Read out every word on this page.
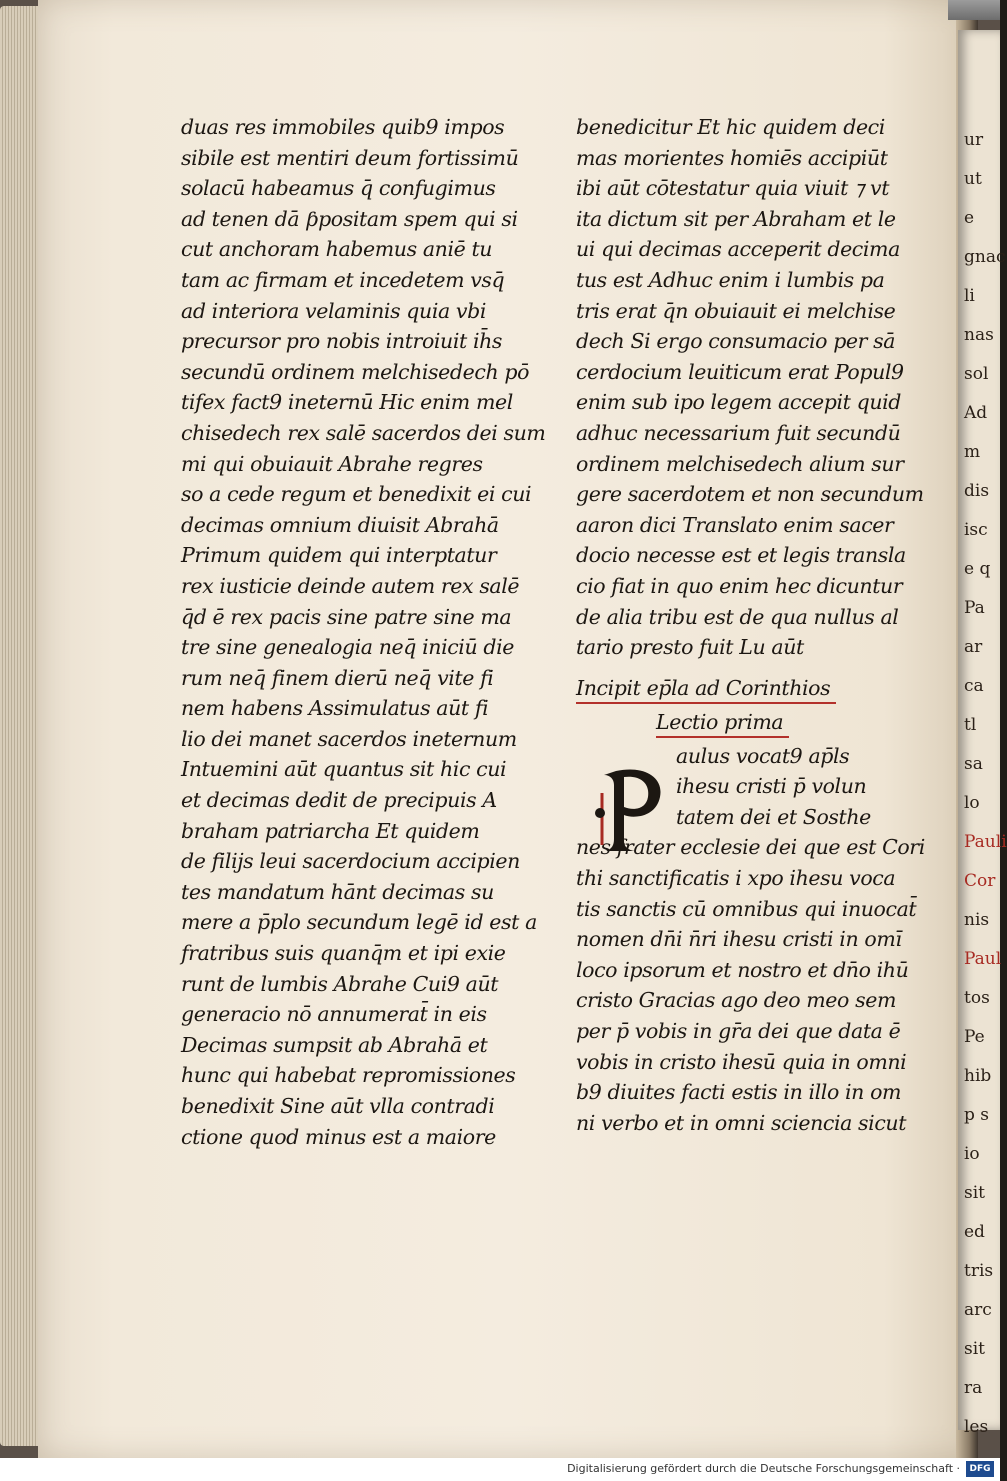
ur
ut
e
gnac
li
nas
sol
Ad
m
dis
isc
e q
Pa
ar
ca
tl
sa
lo
Pauli
Cor
nis
Paul
tos
Pe
hib
p s
io
sit
ed
tris
arc
sit
ra
les
duas res immobiles quib9 impos
sibile est mentiri deum fortissimū
solacū habeamus q̄ confugimus
ad tenen dā ƥpositam spem qui si
cut anchoram habemus aniē tu
tam ac firmam et incedetem vsq̄
ad interiora velaminis quia vbi
precursor pro nobis introiuit ih̄s
secundū ordinem melchisedech pō
tifex fact9 ineternū Hic enim mel
chisedech rex salē sacerdos dei sum
mi qui obuiauit Abrahe regres
so a cede regum et benedixit ei cui
decimas omnium diuisit Abrahā
Primum quidem qui interptatur
rex iusticie deinde autem rex salē
q̄d ē rex pacis sine patre sine ma
tre sine genealogia neq̄ iniciū die
rum neq̄ finem dierū neq̄ vite fi
nem habens Assimulatus aūt fi
lio dei manet sacerdos ineternum
Intuemini aūt quantus sit hic cui
et decimas dedit de precipuis A
braham patriarcha Et quidem
de filijs leui sacerdocium accipien
tes mandatum hānt decimas su
mere a p̄plo secundum legē id est a
fratribus suis quanq̄m et ipi exie
runt de lumbis Abrahe Cui9 aūt
generacio nō annumerat̄ in eis
Decimas sumpsit ab Abrahā et
hunc qui habebat repromissiones
benedixit Sine aūt vlla contradi
ctione quod minus est a maiore
benedicitur Et hic quidem deci
mas morientes homiēs accipiūt
ibi aūt cōtestatur quia viuit ⁊ vt
ita dictum sit per Abraham et le
ui qui decimas acceperit decima
tus est Adhuc enim i lumbis pa
tris erat q̄n obuiauit ei melchise
dech Si ergo consumacio per sā
cerdocium leuiticum erat Popul9
enim sub ipo legem accepit quid
adhuc necessarium fuit secundū
ordinem melchisedech alium sur
gere sacerdotem et non secundum
aaron dici Translato enim sacer
docio necesse est et legis transla
cio fiat in quo enim hec dicuntur
de alia tribu est de qua nullus al
tario presto fuit Lu aūt
Incipit ep̄la ad Corinthios
Lectio prima
aulus vocat9 ap̄ls
ihesu cristi p̄ volun
tatem dei et Sosthe
nes frater ecclesie dei que est Cori
thi sanctificatis i xpo ihesu voca
tis sanctis cū omnibus qui inuocat̄
nomen dn̄i n̄ri ihesu cristi in omī
loco ipsorum et nostro et dn̄o ihū
cristo Gracias ago deo meo sem
per p̄ vobis in gr̄a dei que data ē
vobis in cristo ihesū quia in omni
b9 diuites facti estis in illo in om
ni verbo et in omni sciencia sicut
Digitalisierung gefördert durch die Deutsche Forschungsgemeinschaft ·	DFG
